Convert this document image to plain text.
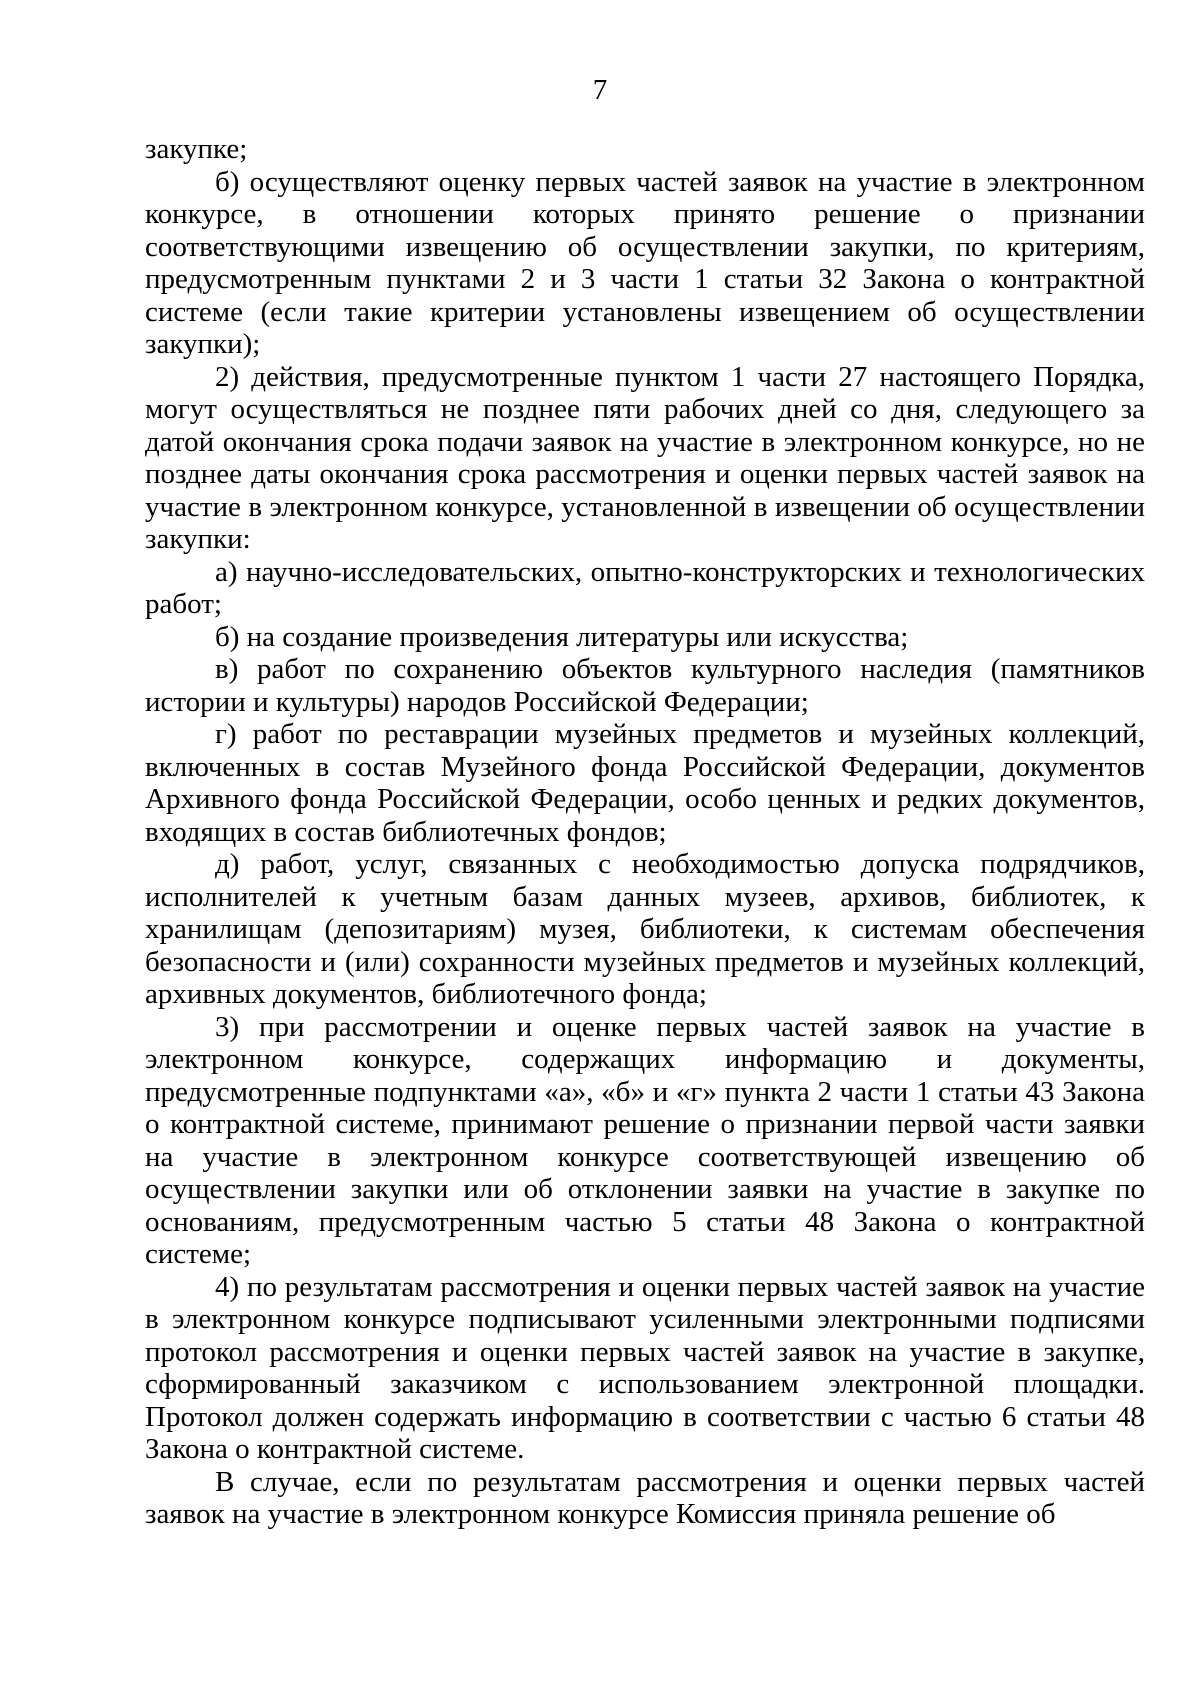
7

закупке;

б) осуществляют оценку первых частей заявок на участие в электронном конкурсе, в отношении которых принято решение о признании соответствующими извещению об осуществлении закупки, по критериям, предусмотренным пунктами 2 и 3 части 1 статьи 32 Закона о контрактной системе (если такие критерии установлены извещением об осуществлении закупки);

2) действия, предусмотренные пунктом 1 части 27 настоящего Порядка, могут осуществляться не позднее пяти рабочих дней со дня, следующего за датой окончания срока подачи заявок на участие в электронном конкурсе, но не позднее даты окончания срока рассмотрения и оценки первых частей заявок на участие в электронном конкурсе, установленной в извещении об осуществлении закупки:

а) научно-исследовательских, опытно-конструкторских и технологических работ;

б) на создание произведения литературы или искусства;

в) работ по сохранению объектов культурного наследия (памятников истории и культуры) народов Российской Федерации;

г) работ по реставрации музейных предметов и музейных коллекций, включенных в состав Музейного фонда Российской Федерации, документов Архивного фонда Российской Федерации, особо ценных и редких документов, входящих в состав библиотечных фондов;

д) работ, услуг, связанных с необходимостью допуска подрядчиков, исполнителей к учетным базам данных музеев, архивов, библиотек, к хранилищам (депозитариям) музея, библиотеки, к системам обеспечения безопасности и (или) сохранности музейных предметов и музейных коллекций, архивных документов, библиотечного фонда;

3) при рассмотрении и оценке первых частей заявок на участие в электронном конкурсе, содержащих информацию и документы, предусмотренные подпунктами «а», «б» и «г» пункта 2 части 1 статьи 43 Закона о контрактной системе, принимают решение о признании первой части заявки на участие в электронном конкурсе соответствующей извещению об осуществлении закупки или об отклонении заявки на участие в закупке по основаниям, предусмотренным частью 5 статьи 48 Закона о контрактной системе;

4) по результатам рассмотрения и оценки первых частей заявок на участие в электронном конкурсе подписывают усиленными электронными подписями протокол рассмотрения и оценки первых частей заявок на участие в закупке, сформированный заказчиком с использованием электронной площадки. Протокол должен содержать информацию в соответствии с частью 6 статьи 48 Закона о контрактной системе.

В случае, если по результатам рассмотрения и оценки первых частей заявок на участие в электронном конкурсе Комиссия приняла решение об
